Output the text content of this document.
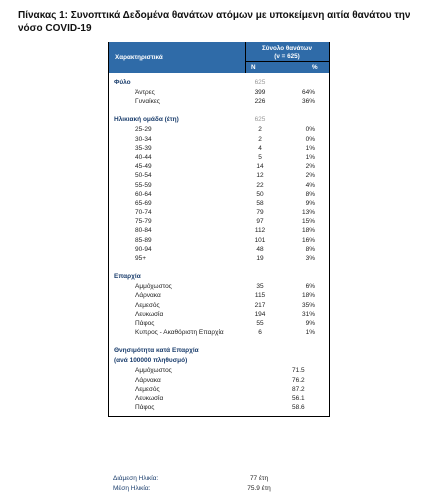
Πίνακας 1: Συνοπτικά Δεδομένα θανάτων ατόμων με υποκείμενη αιτία θανάτου την νόσο COVID-19
Χαρακτηριστικά
Σύνολο θανάτων
(ν = 625)
N	%
Φύλο	625
Άντρες	399	64%
Γυναίκες	226	36%
Ηλικιακή ομάδα (έτη)	625
25-29	2	0%
30-34	2	0%
35-39	4	1%
40-44	5	1%
45-49	14	2%
50-54	12	2%
55-59	22	4%
60-64	50	8%
65-69	58	9%
70-74	79	13%
75-79	97	15%
80-84	112	18%
85-89	101	16%
90-94	48	8%
95+	19	3%
Επαρχία
Αμμόχωστος	35	6%
Λάρνακα	115	18%
Λεμεσός	217	35%
Λευκωσία	194	31%
Πάφος	55	9%
Κυπρος - Ακαθόριστη Επαρχία	6	1%
Θνησιμότητα κατά Επαρχία
(ανά 100000 πληθυσμό)
Αμμόχωστος	71.5
Λάρνακα	76.2
Λεμεσός	87.2
Λευκωσία	56.1
Πάφος	58.6
Διάμεση Ηλικία:	77 έτη
Μέση Ηλικία:	75.9 έτη
